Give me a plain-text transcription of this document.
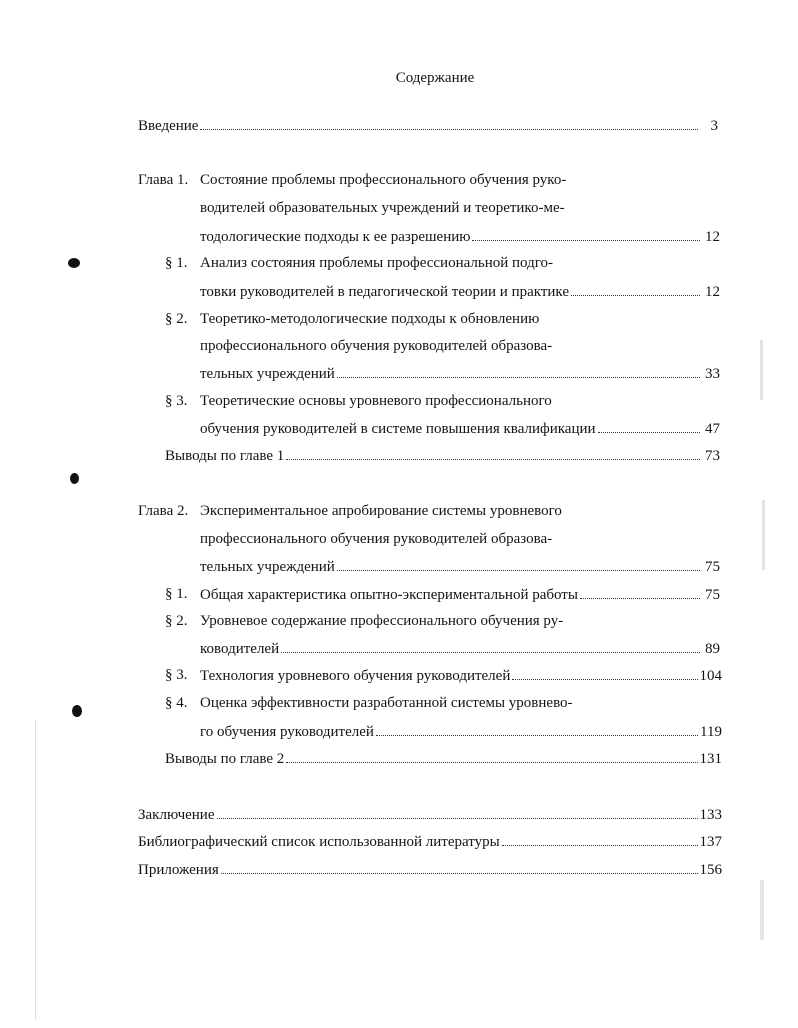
Содержание
Введение	3
Глава 1. Состояние проблемы профессионального обучения руко-
водителей образовательных учреждений и теоретико-ме-
тодологические подходы к ее разрешению	12
§ 1. Анализ состояния проблемы профессиональной подго-
товки руководителей в педагогической теории и практике	12
§ 2. Теоретико-методологические подходы к обновлению
профессионального обучения руководителей образова-
тельных учреждений	33
§ 3. Теоретические основы уровневого профессионального
обучения руководителей в системе повышения квалификации	47
Выводы по главе 1	73
Глава 2. Экспериментальное апробирование системы уровневого
профессионального обучения руководителей образова-
тельных учреждений	75
§ 1. Общая характеристика опытно-экспериментальной работы	75
§ 2. Уровневое содержание профессионального обучения ру-
ководителей	89
§ 3. Технология уровневого обучения руководителей	104
§ 4. Оценка эффективности разработанной системы уровнево-
го обучения руководителей	119
Выводы по главе 2	131
Заключение	133
Библиографический список использованной литературы	137
Приложения	156
